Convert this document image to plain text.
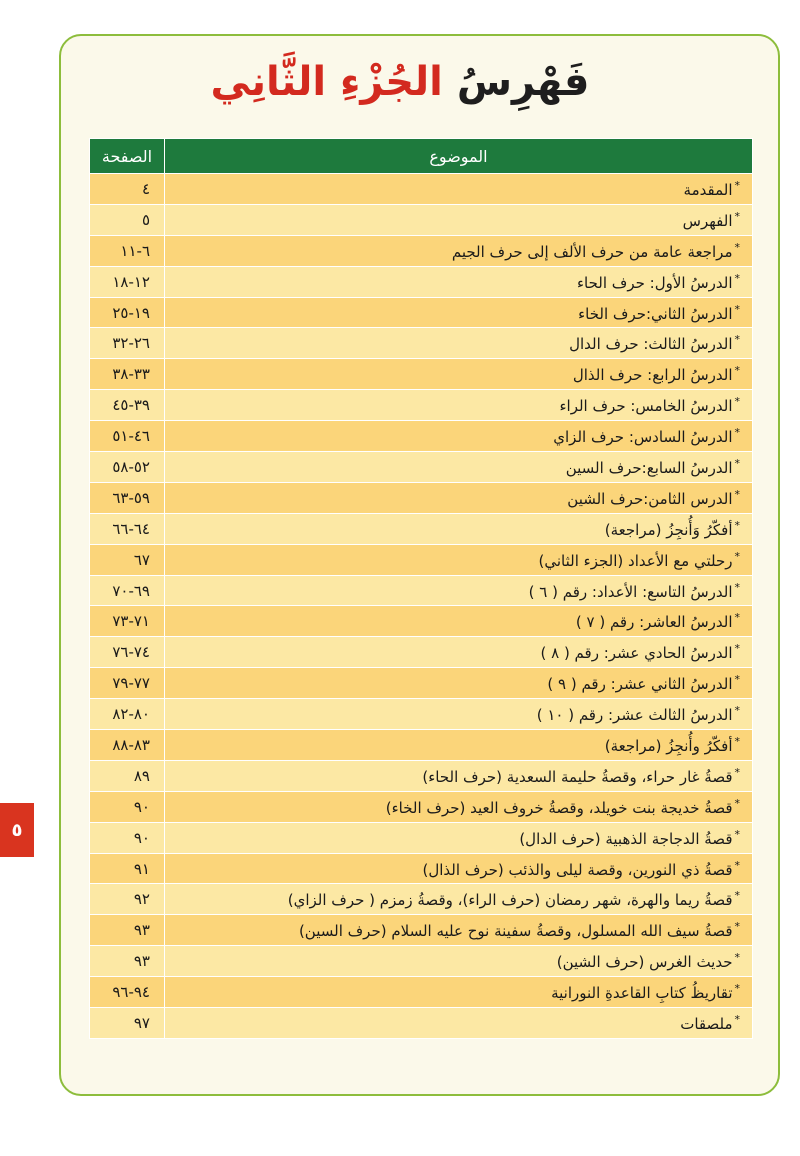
فَهْرِسُ الجُزْءِ الثَّانِي
الموضوع	الصفحة
*المقدمة	٤
*الفهرس	٥
*مراجعة عامة من حرف الألف إلى حرف الجيم	٦-١١
*الدرسُ الأول: حرف الحاء	١٢-١٨
*الدرسُ الثاني:حرف الخاء	١٩-٢٥
*الدرسُ الثالث: حرف الدال	٢٦-٣٢
*الدرسُ الرابع: حرف الذال	٣٣-٣٨
*الدرسُ الخامس: حرف الراء	٣٩-٤٥
*الدرسُ السادس: حرف الزاي	٤٦-٥١
*الدرسُ السابع:حرف السين	٥٢-٥٨
*الدرس الثامن:حرف الشين	٥٩-٦٣
*أفكّرُ وَأُنجِزُ (مراجعة)	٦٤-٦٦
*رحلتي مع الأعداد (الجزء الثاني)	٦٧
*الدرسُ التاسع: الأعداد: رقم ( ٦ )	٦٩-٧٠
*الدرسُ العاشر: رقم ( ٧ )	٧١-٧٣
*الدرسُ الحادي عشر: رقم ( ٨ )	٧٤-٧٦
*الدرسُ الثاني عشر: رقم ( ٩ )	٧٧-٧٩
*الدرسُ الثالث عشر: رقم ( ١٠ )	٨٠-٨٢
*أفكّرُ وأُنجِزُ (مراجعة)	٨٣-٨٨
*قصةُ غار حراء، وقصةُ حليمة السعدية (حرف الحاء)	٨٩
*قصةُ خديجة بنت خويلد، وقصةُ خروف العيد (حرف الخاء)	٩٠
*قصةُ الدجاجة الذهبية (حرف الدال)	٩٠
*قصةُ ذي النورين، وقصة ليلى والذئب (حرف الذال)	٩١
*قصةُ ريما والهرة، شهر رمضان (حرف الراء)، وقصةُ زمزم ( حرف الزاي)	٩٢
*قصةُ سيف الله المسلول، وقصةُ سفينة نوح عليه السلام (حرف السين)	٩٣
*حديث الغرس (حرف الشين)	٩٣
*تقاريظُ كتابِ القاعدةِ النورانية	٩٤-٩٦
*ملصقات	٩٧
٥
